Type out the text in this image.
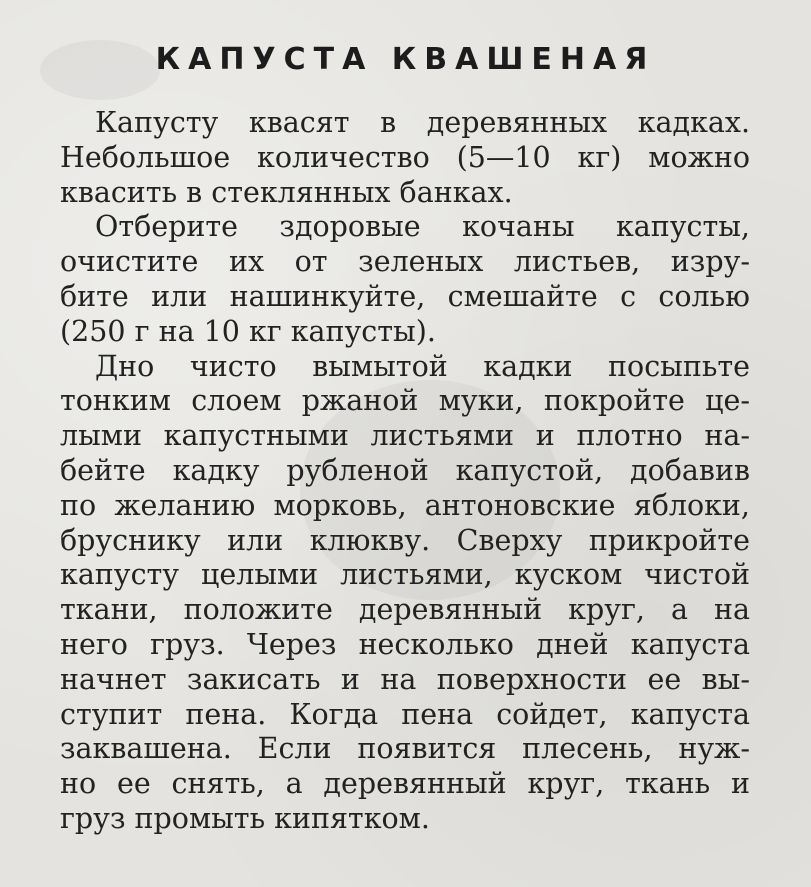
КАПУСТА КВАШЕНАЯ
Капусту квасят в деревянных кадках.
Небольшое количество (5—10 кг) можно
квасить в стеклянных банках.
Отберите здоровые кочаны капусты,
очистите их от зеленых листьев, изру-
бите или нашинкуйте, смешайте с солью
(250 г на 10 кг капусты).
Дно чисто вымытой кадки посыпьте
тонким слоем ржаной муки, покройте це-
лыми капустными листьями и плотно на-
бейте кадку рубленой капустой, добавив
по желанию морковь, антоновские яблоки,
бруснику или клюкву. Сверху прикройте
капусту целыми листьями, куском чистой
ткани, положите деревянный круг, а на
него груз. Через несколько дней капуста
начнет закисать и на поверхности ее вы-
ступит пена. Когда пена сойдет, капуста
заквашена. Если появится плесень, нуж-
но ее снять, а деревянный круг, ткань и
груз промыть кипятком.
